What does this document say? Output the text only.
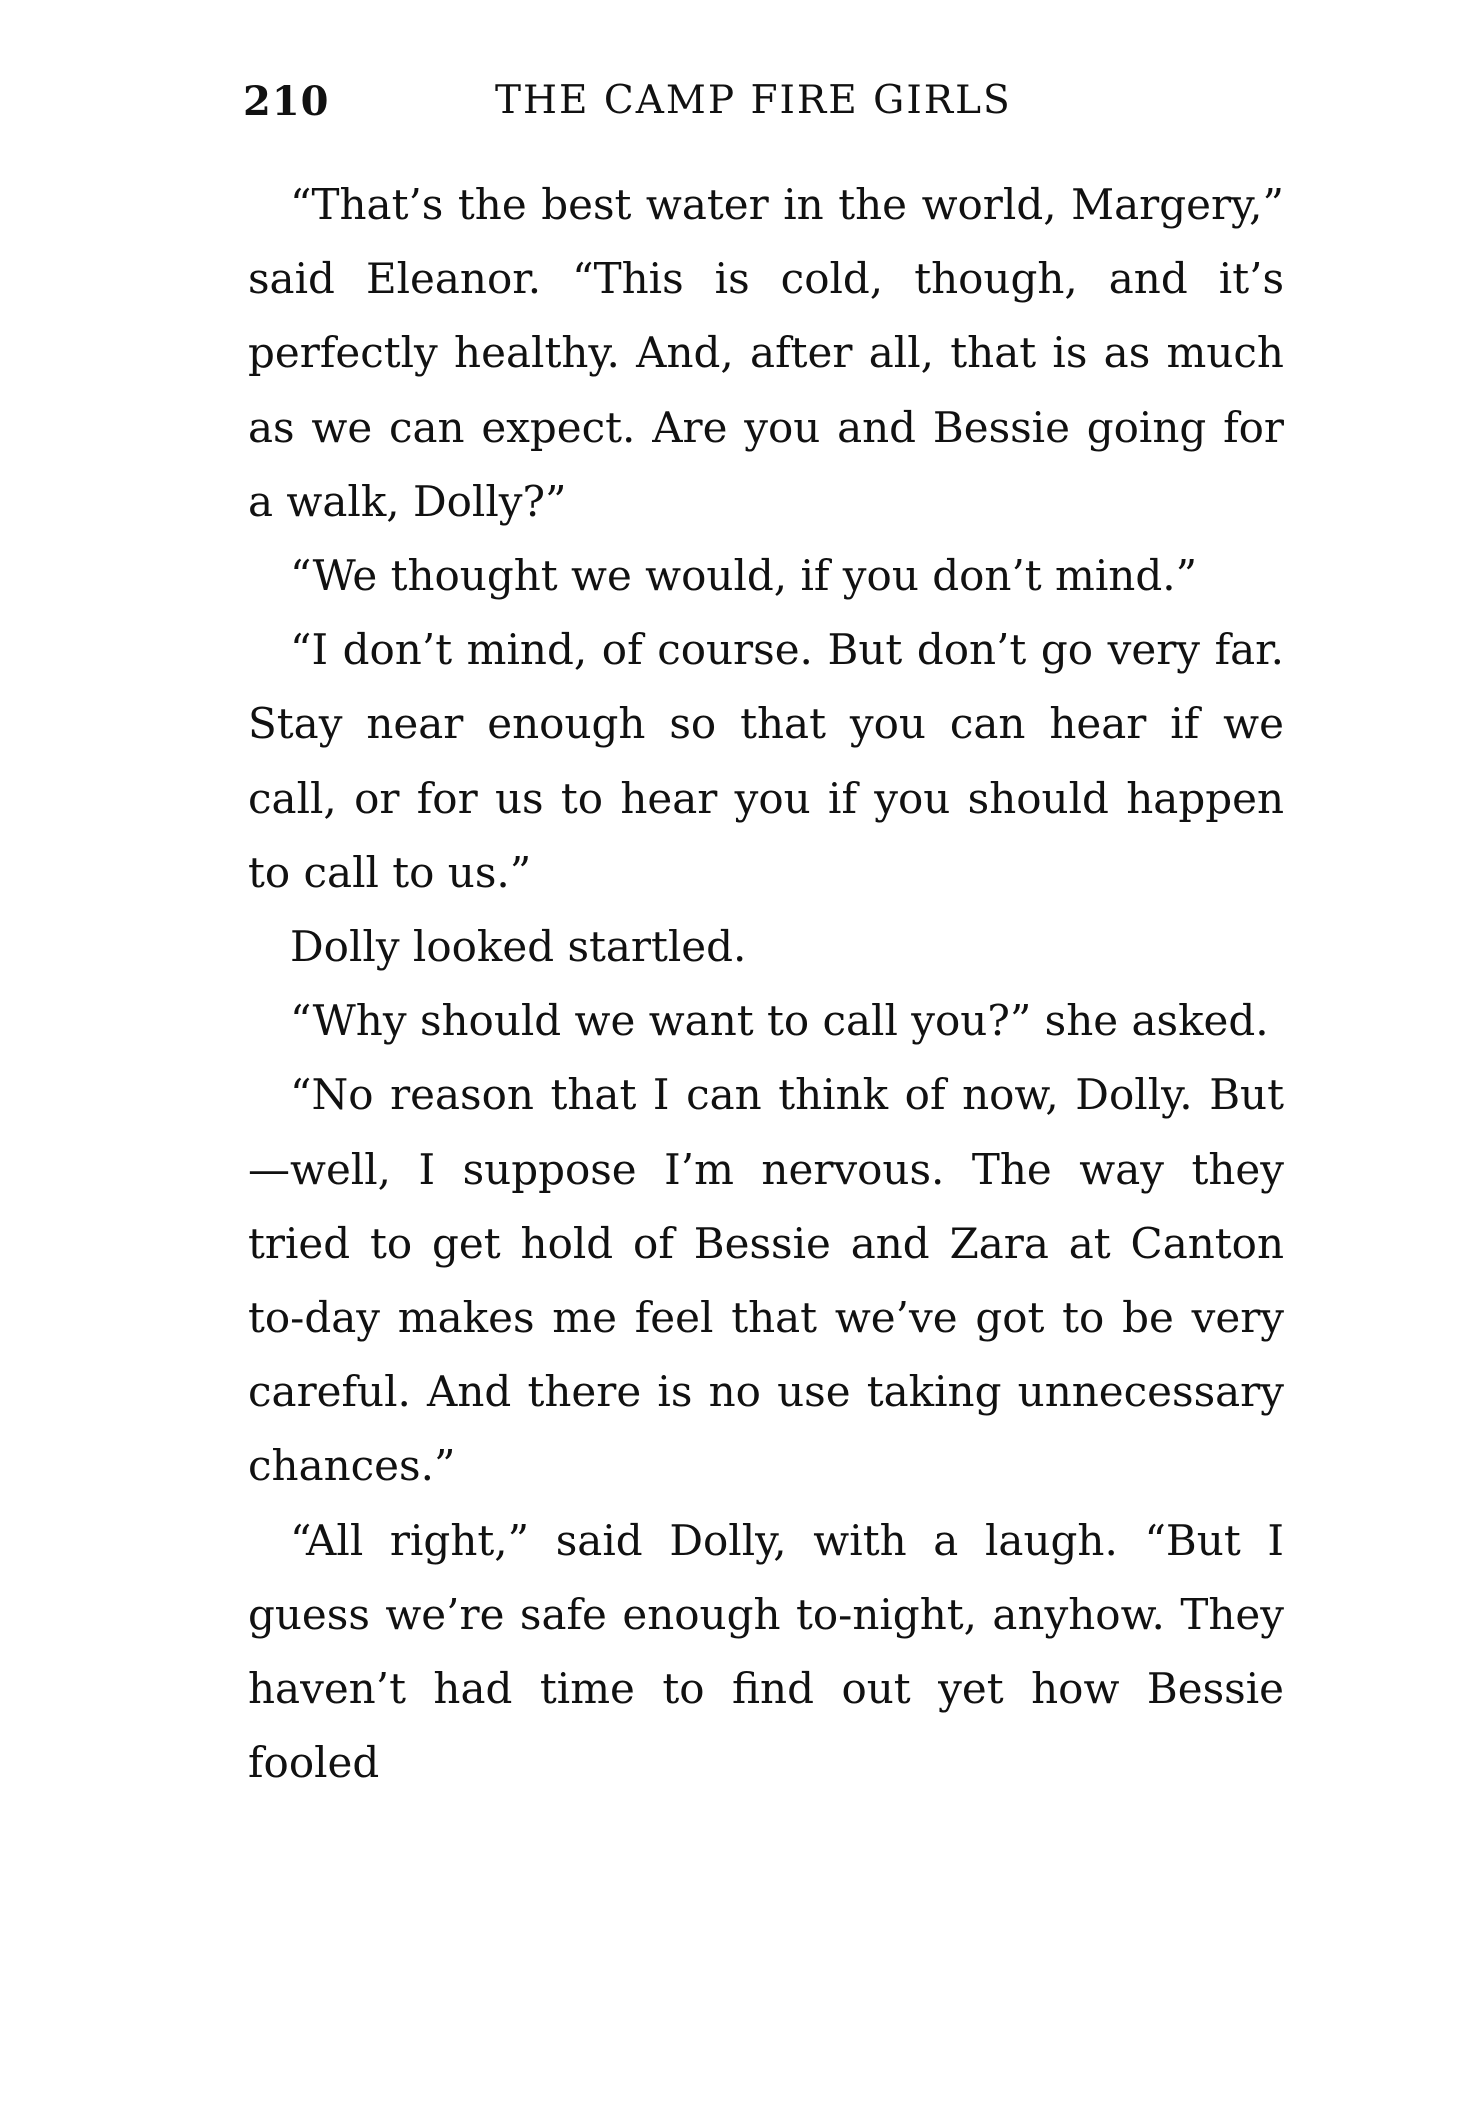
210	THE CAMP FIRE GIRLS

“That’s the best water in the world, Margery,” said Eleanor. “This is cold, though, and it’s perfectly healthy. And, after all, that is as much as we can expect. Are you and Bessie going for a walk, Dolly?”

“We thought we would, if you don’t mind.”

“I don’t mind, of course. But don’t go very far. Stay near enough so that you can hear if we call, or for us to hear you if you should happen to call to us.”

Dolly looked startled.

“Why should we want to call you?” she asked.

“No reason that I can think of now, Dolly. But—well, I suppose I’m nervous. The way they tried to get hold of Bessie and Zara at Canton to-day makes me feel that we’ve got to be very careful. And there is no use taking unnecessary chances.”

“All right,” said Dolly, with a laugh. “But I guess we’re safe enough to-night, anyhow. They haven’t had time to find out yet how Bessie fooled
